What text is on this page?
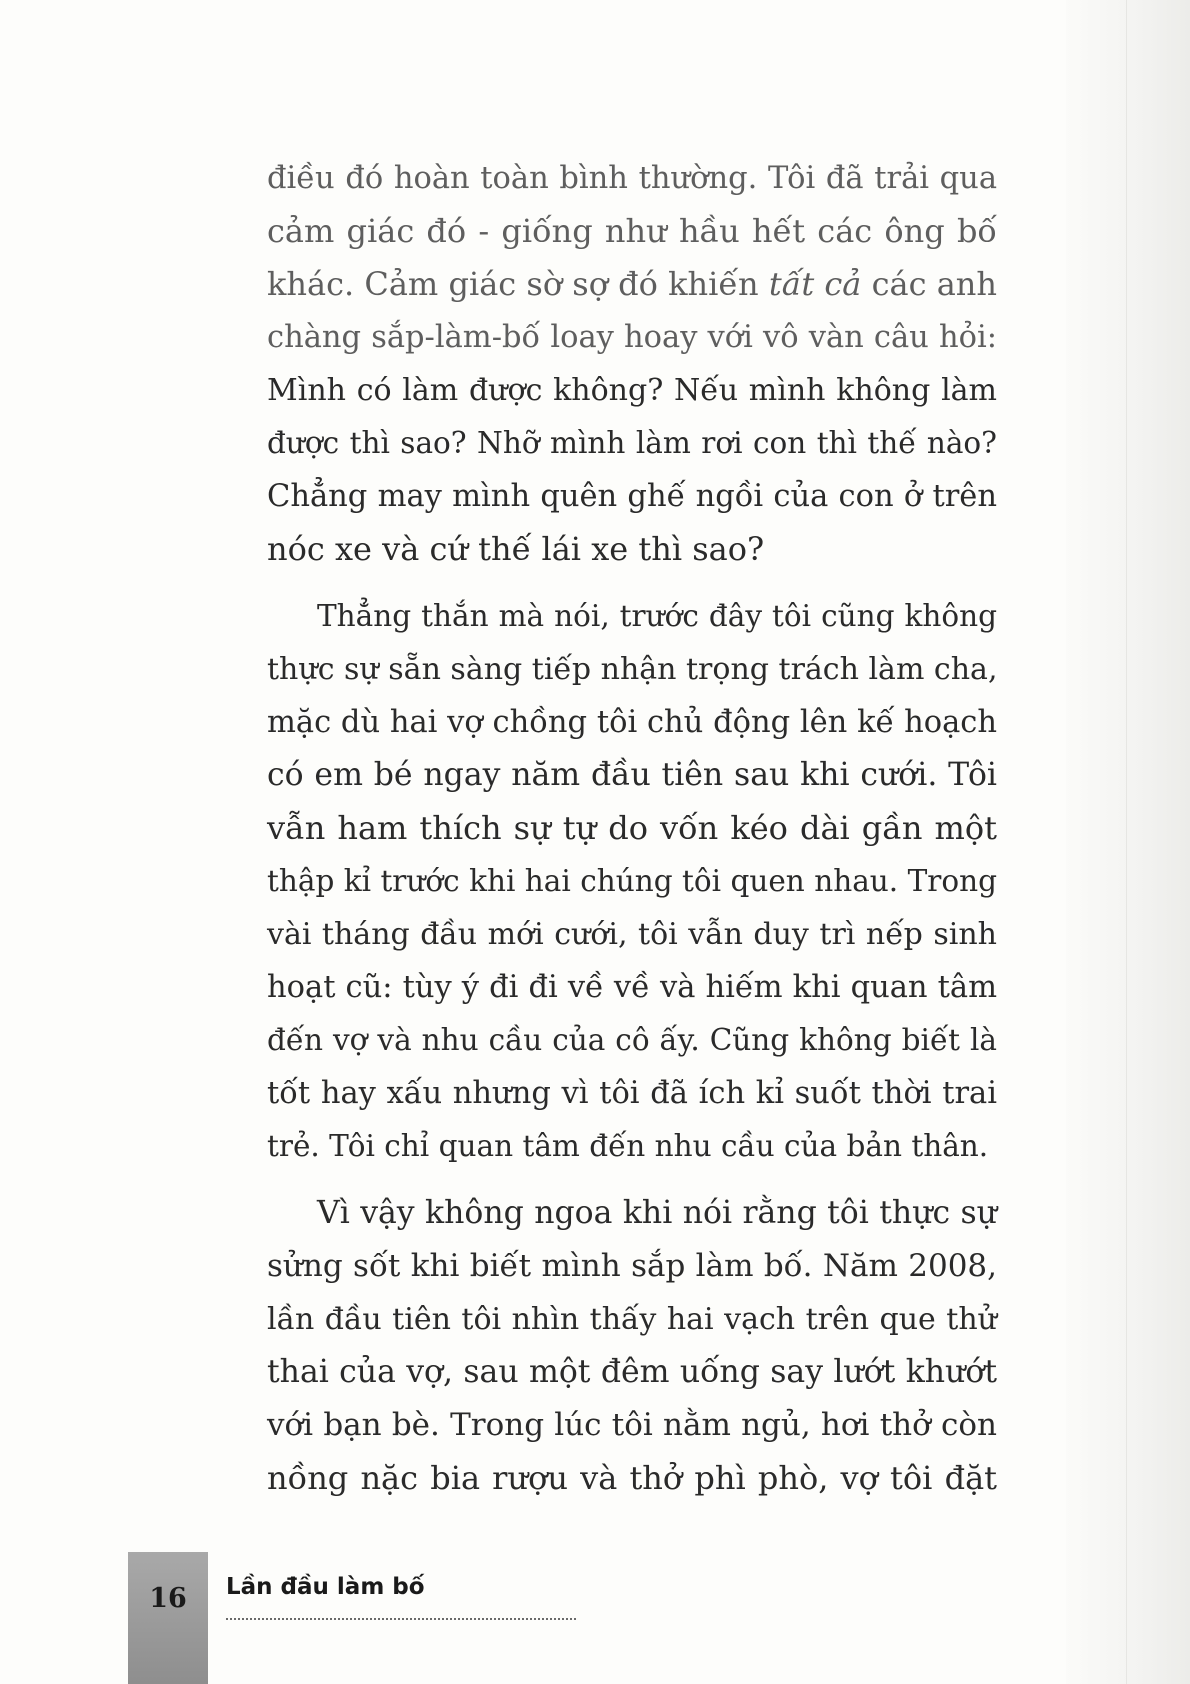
điều đó hoàn toàn bình thường. Tôi đã trải qua
cảm giác đó - giống như hầu hết các ông bố
khác. Cảm giác sờ sợ đó khiến tất cả các anh
chàng sắp-làm-bố loay hoay với vô vàn câu hỏi:
Mình có làm được không? Nếu mình không làm
được thì sao? Nhỡ mình làm rơi con thì thế nào?
Chẳng may mình quên ghế ngồi của con ở trên
nóc xe và cứ thế lái xe thì sao?
Thẳng thắn mà nói, trước đây tôi cũng không
thực sự sẵn sàng tiếp nhận trọng trách làm cha,
mặc dù hai vợ chồng tôi chủ động lên kế hoạch
có em bé ngay năm đầu tiên sau khi cưới. Tôi
vẫn ham thích sự tự do vốn kéo dài gần một
thập kỉ trước khi hai chúng tôi quen nhau. Trong
vài tháng đầu mới cưới, tôi vẫn duy trì nếp sinh
hoạt cũ: tùy ý đi đi về về và hiếm khi quan tâm
đến vợ và nhu cầu của cô ấy. Cũng không biết là
tốt hay xấu nhưng vì tôi đã ích kỉ suốt thời trai
trẻ. Tôi chỉ quan tâm đến nhu cầu của bản thân.
Vì vậy không ngoa khi nói rằng tôi thực sự
sửng sốt khi biết mình sắp làm bố. Năm 2008,
lần đầu tiên tôi nhìn thấy hai vạch trên que thử
thai của vợ, sau một đêm uống say lướt khướt
với bạn bè. Trong lúc tôi nằm ngủ, hơi thở còn
nồng nặc bia rượu và thở phì phò, vợ tôi đặt
16	Lần đầu làm bố
